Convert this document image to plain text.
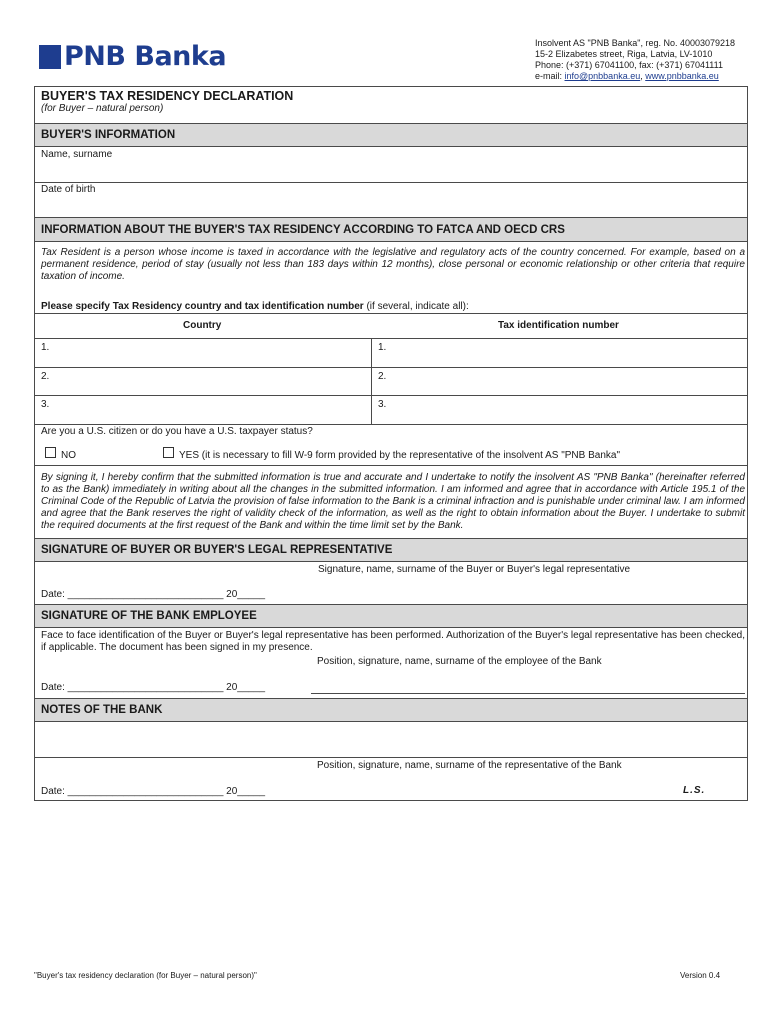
PNB Banka	Insolvent AS "PNB Banka", reg. No. 40003079218
15-2 Elizabetes street, Riga, Latvia, LV-1010
Phone: (+371) 67041100, fax: (+371) 67041111
e-mail: info@pnbbanka.eu, www.pnbbanka.eu
BUYER'S TAX RESIDENCY DECLARATION
(for Buyer – natural person)
BUYER'S INFORMATION
Name, surname
Date of birth
INFORMATION ABOUT THE BUYER'S TAX RESIDENCY ACCORDING TO FATCA AND OECD CRS
Tax Resident is a person whose income is taxed in accordance with the legislative and regulatory acts of the country concerned. For example, based on a permanent residence, period of stay (usually not less than 183 days within 12 months), close personal or economic relationship or other criteria that require taxation of income.
Please specify Tax Residency country and tax identification number (if several, indicate all):
Country	Tax identification number
1.	1.
2.	2.
3.	3.
Are you a U.S. citizen or do you have a U.S. taxpayer status?
NO	YES (it is necessary to fill W-9 form provided by the representative of the insolvent AS "PNB Banka"
By signing it, I hereby confirm that the submitted information is true and accurate and I undertake to notify the insolvent AS "PNB Banka" (hereinafter referred to as the Bank) immediately in writing about all the changes in the submitted information. I am informed and agree that in accordance with Article 195.1 of the Criminal Code of the Republic of Latvia the provision of false information to the Bank is a criminal infraction and is punishable under criminal law. I am informed and agree that the Bank reserves the right of validity check of the information, as well as the right to obtain information about the Buyer. I undertake to submit the required documents at the first request of the Bank and within the time limit set by the Bank.
SIGNATURE OF BUYER OR BUYER'S LEGAL REPRESENTATIVE
Signature, name, surname of the Buyer or Buyer's legal representative
Date: ____________________________ 20_____
SIGNATURE OF THE BANK EMPLOYEE
Face to face identification of the Buyer or Buyer's legal representative has been performed. Authorization of the Buyer's legal representative has been checked, if applicable. The document has been signed in my presence.
Position, signature, name, surname of the employee of the Bank
Date: ____________________________ 20_____
NOTES OF THE BANK
Position, signature, name, surname of the representative of the Bank
Date: ____________________________ 20_____	L.S.
"Buyer's tax residency declaration (for Buyer – natural person)"	Version 0.4
